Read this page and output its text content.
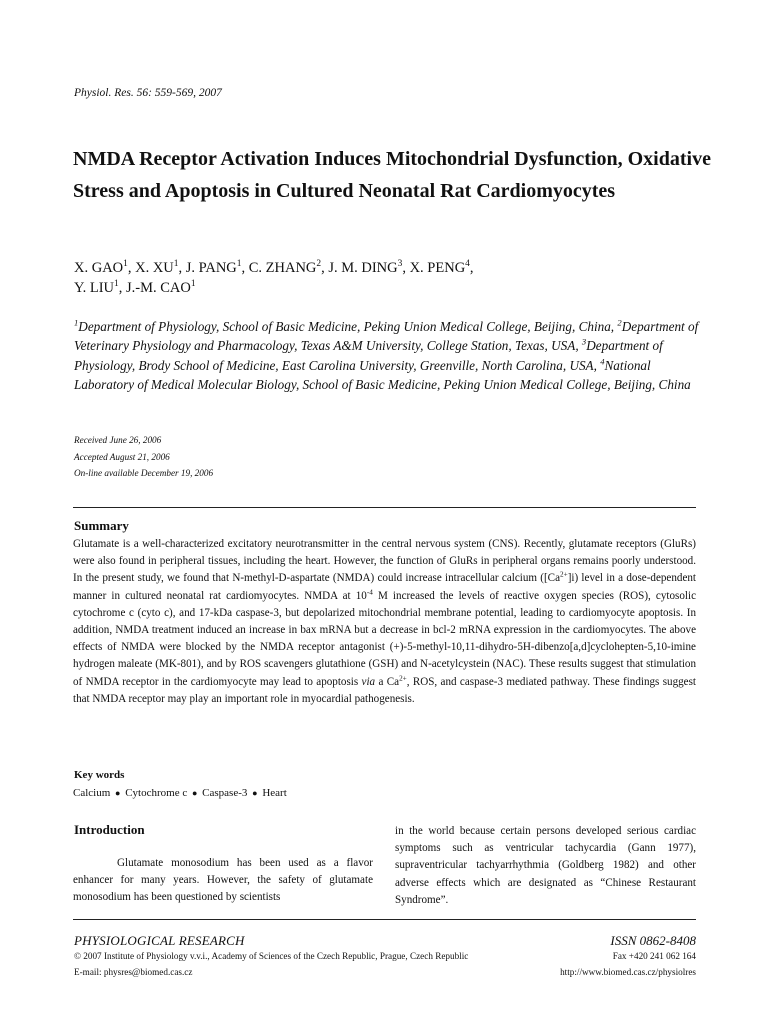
Physiol. Res. 56: 559-569, 2007
NMDA Receptor Activation Induces Mitochondrial Dysfunction, Oxidative Stress and Apoptosis in Cultured Neonatal Rat Cardiomyocytes
X. GAO$^1$, X. $XU^1$, J. PANG$^1$, C. ZHANG$^2$, J. M. DING$^3$, X. PENG$^4$,
Y. LIU$^1$, J.-M. CAO$^1$
$^1$Department of Physiology, School of Basic Medicine, Peking Union Medical College, Beijing, China, $^2$Department of Veterinary Physiology and Pharmacology, Texas A&M University, College Station, Texas, USA, $^3$Department of Physiology, Brody School of Medicine, East Carolina University, Greenville, North Carolina, USA, $^4$National Laboratory of Medical Molecular Biology, School of Basic Medicine, Peking Union Medical College, Beijing, China
Received June 26, 2006
Accepted August 21, 2006
On-line available December 19, 2006
Summary

Glutamate is a well-characterized excitatory neurotransmitter in the central nervous system (CNS). Recently, glutamate receptors (GluRs) were also found in peripheral tissues, including the heart. However, the function of GluRs in peripheral organs remains poorly understood. In the present study, we found that N-methyl-D-aspartate (NMDA) could increase intracellular calcium $([Ca^{2+}]i)$ level in a dose-dependent manner in cultured neonatal rat cardiomyocytes. NMDA at $10^{-4}$ M increased the levels of reactive oxygen species (ROS), cytosolic cytochrome c (cyto c), and 17-kDa caspase-3, but depolarized mitochondrial membrane potential, leading to cardiomyocyte apoptosis. In addition, NMDA treatment induced an increase in bax mRNA but a decrease in bcl-2 mRNA expression in the cardiomyocytes. The above effects of NMDA were blocked by the NMDA receptor antagonist (+)-5-methyl-10,11-dihydro-5H-dibenzo[a,d]cyclohepten-5,10-imine hydrogen maleate (MK-801), and by ROS scavengers glutathione (GSH) and N-acetylcystein (NAC). These results suggest that stimulation of NMDA receptor in the cardiomyocyte may lead to apoptosis via a $Ca^{2+}$, ROS, and caspase-3 mediated pathway. These findings suggest that NMDA receptor may play an important role in myocardial pathogenesis.

Key words
Calcium ● Cytochrome c ● Caspase-3 ● Heart
Introduction

Glutamate monosodium has been used as a flavor enhancer for many years. However, the safety of glutamate monosodium has been questioned by scientists

in the world because certain persons developed serious cardiac symptoms such as ventricular tachycardia (Gann 1977), supraventricular tachyarrhythmia (Goldberg 1982) and other adverse effects which are designated as “Chinese Restaurant Syndrome”.

PHYSIOLOGICAL RESEARCH	ISSN 0862-8408
© 2007 Institute of Physiology v.v.i., Academy of Sciences of the Czech Republic, Prague, Czech Republic	Fax +420 241 062 164
E-mail: physres@biomed.cas.cz	http://www.biomed.cas.cz/physiolres
